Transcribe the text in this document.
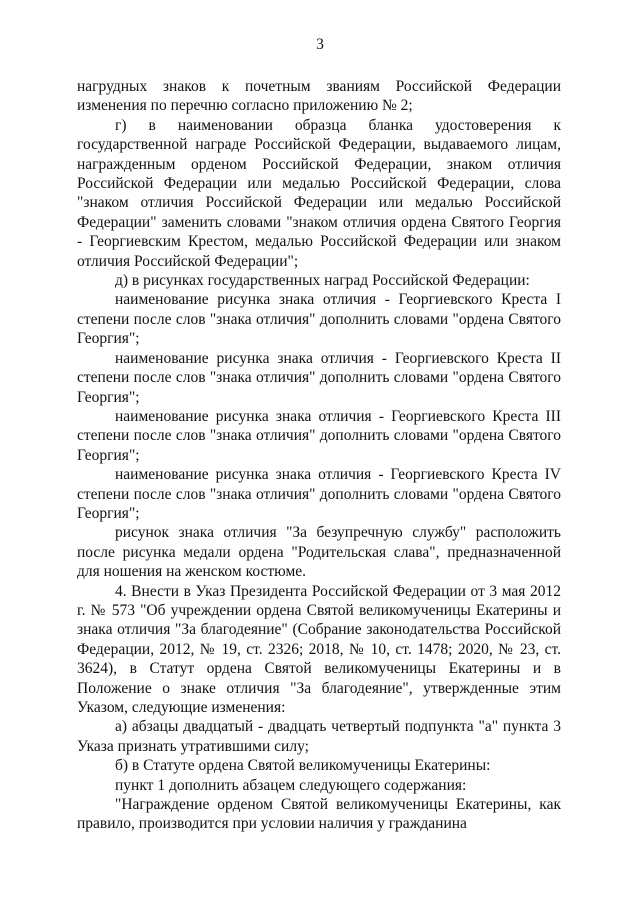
3

нагрудных знаков к почетным званиям Российской Федерации изменения по перечню согласно приложению № 2;

г) в наименовании образца бланка удостоверения к государственной награде Российской Федерации, выдаваемого лицам, награжденным орденом Российской Федерации, знаком отличия Российской Федерации или медалью Российской Федерации, слова "знаком отличия Российской Федерации или медалью Российской Федерации" заменить словами "знаком отличия ордена Святого Георгия - Георгиевским Крестом, медалью Российской Федерации или знаком отличия Российской Федерации";

д) в рисунках государственных наград Российской Федерации:

наименование рисунка знака отличия - Георгиевского Креста I степени после слов "знака отличия" дополнить словами "ордена Святого Георгия";

наименование рисунка знака отличия - Георгиевского Креста II степени после слов "знака отличия" дополнить словами "ордена Святого Георгия";

наименование рисунка знака отличия - Георгиевского Креста III степени после слов "знака отличия" дополнить словами "ордена Святого Георгия";

наименование рисунка знака отличия - Георгиевского Креста IV степени после слов "знака отличия" дополнить словами "ордена Святого Георгия";

рисунок знака отличия "За безупречную службу" расположить после рисунка медали ордена "Родительская слава", предназначенной для ношения на женском костюме.

4. Внести в Указ Президента Российской Федерации от 3 мая 2012 г. № 573 "Об учреждении ордена Святой великомученицы Екатерины и знака отличия "За благодеяние" (Собрание законодательства Российской Федерации, 2012, № 19, ст. 2326; 2018, № 10, ст. 1478; 2020, № 23, ст. 3624), в Статут ордена Святой великомученицы Екатерины и в Положение о знаке отличия "За благодеяние", утвержденные этим Указом, следующие изменения:

а) абзацы двадцатый - двадцать четвертый подпункта "а" пункта 3 Указа признать утратившими силу;

б) в Статуте ордена Святой великомученицы Екатерины:

пункт 1 дополнить абзацем следующего содержания:

"Награждение орденом Святой великомученицы Екатерины, как правило, производится при условии наличия у гражданина
